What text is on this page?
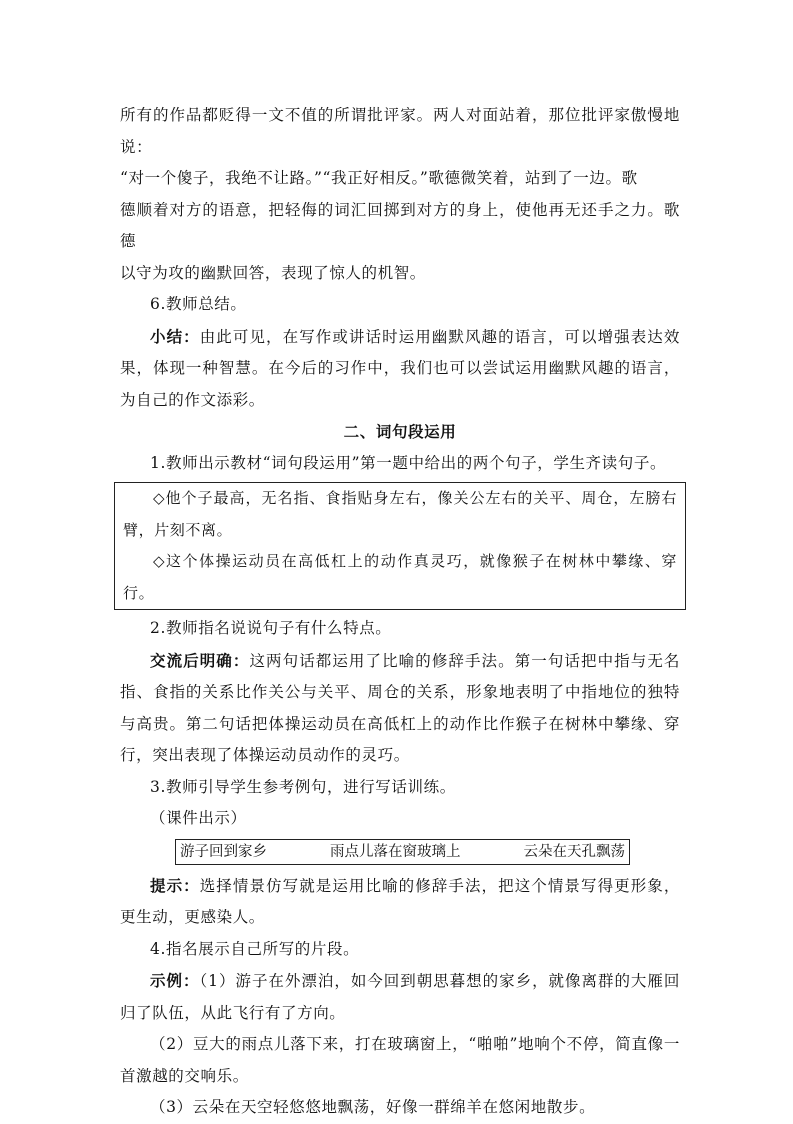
所有的作品都贬得一文不值的所谓批评家。两人对面站着，那位批评家傲慢地说：

“对一个傻子，我绝不让路。”“我正好相反。”歌德微笑着，站到了一边。歌

德顺着对方的语意，把轻侮的词汇回掷到对方的身上，使他再无还手之力。歌德

以守为攻的幽默回答，表现了惊人的机智。

6.教师总结。

小结：由此可见，在写作或讲话时运用幽默风趣的语言，可以增强表达效果，体现一种智慧。在今后的习作中，我们也可以尝试运用幽默风趣的语言，为自己的作文添彩。

二、词句段运用

1.教师出示教材“词句段运用”第一题中给出的两个句子，学生齐读句子。

◇他个子最高，无名指、食指贴身左右，像关公左右的关平、周仓，左膀右臂，片刻不离。

◇这个体操运动员在高低杠上的动作真灵巧，就像猴子在树林中攀缘、穿行。

2.教师指名说说句子有什么特点。

交流后明确：这两句话都运用了比喻的修辞手法。第一句话把中指与无名指、食指的关系比作关公与关平、周仓的关系，形象地表明了中指地位的独特与高贵。第二句话把体操运动员在高低杠上的动作比作猴子在树林中攀缘、穿行，突出表现了体操运动员动作的灵巧。

3.教师引导学生参考例句，进行写话训练。

（课件出示）

游子回到家乡	雨点儿落在窗玻璃上	云朵在天孔飘荡

提示：选择情景仿写就是运用比喻的修辞手法，把这个情景写得更形象，更生动，更感染人。

4.指名展示自己所写的片段。

示例：（1）游子在外漂泊，如今回到朝思暮想的家乡，就像离群的大雁回归了队伍，从此飞行有了方向。

（2）豆大的雨点儿落下来，打在玻璃窗上，“啪啪”地响个不停，简直像一首激越的交响乐。

（3）云朵在天空轻悠悠地飘荡，好像一群绵羊在悠闲地散步。
